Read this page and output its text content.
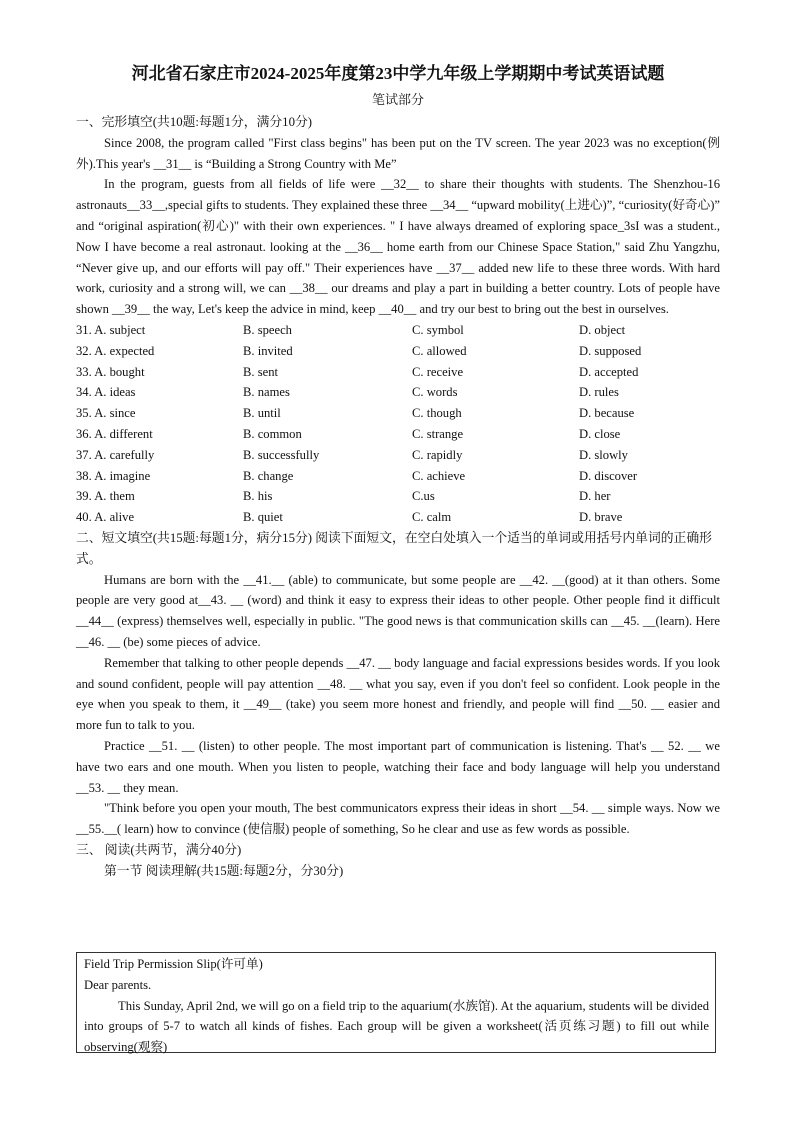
河北省石家庄市2024-2025年度第23中学九年级上学期期中考试英语试题
笔试部分
一、完形填空(共10题:每题1分，满分10分)

Since 2008, the program called "First class begins" has been put on the TV screen. The year 2023 was no exception(例外).This year's __31__ is “Building a Strong Country with Me”

In the program, guests from all fields of life were __32__ to share their thoughts with students. The Shenzhou-16 astronauts__33__,special gifts to students. They explained these three __34__ “upward mobility(上进心)”, “curiosity(好奇心)” and “original aspiration(初心)" with their own experiences. " I have always dreamed of exploring space_3sI was a student., Now I have become a real astronaut. looking at the __36__ home earth from our Chinese Space Station," said Zhu Yangzhu, “Never give up, and our efforts will pay off." Their experiences have __37__ added new life to these three words. With hard work, curiosity and a strong will, we can __38__ our dreams and play a part in building a better country. Lots of people have shown __39__ the way, Let's keep the advice in mind, keep __40__ and try our best to bring out the best in ourselves.

31. A. subject	B. speech	C. symbol	D. object
32. A. expected	B. invited	C. allowed	D. supposed
33. A. bought	B. sent	C. receive	D. accepted
34. A. ideas	B. names	C. words	D. rules
35. A. since	B. until	C. though	D. because
36. A. different	B. common	C. strange	D. close
37. A. carefully	B. successfully	C. rapidly	D. slowly
38. A. imagine	B. change	C. achieve	D. discover
39. A. them	B. his	C.us	D. her
40. A. alive	B. quiet	C. calm	D. brave
二、短文填空(共15题:每题1分，病分15分) 阅读下面短文，在空白处填入一个适当的单词或用括号内单词的正确形式。

Humans are born with the __41.__ (able) to communicate, but some people are __42. __(good) at it than others. Some people are very good at__43. __ (word) and think it easy to express their ideas to other people. Other people find it difficult __44__ (express) themselves well, especially in public. "The good news is that communication skills can __45. __(learn). Here __46. __ (be) some pieces of advice.

Remember that talking to other people depends __47. __ body language and facial expressions besides words. If you look and sound confident, people will pay attention __48. __ what you say, even if you don't feel so confident. Look people in the eye when you speak to them, it __49__ (take) you seem more honest and friendly, and people will find __50. __ easier and more fun to talk to you.

Practice __51. __ (listen) to other people. The most important part of communication is listening. That's __ 52. __ we have two ears and one mouth. When you listen to people, watching their face and body language will help you understand __53. __ they mean.

"Think before you open your mouth, The best communicators express their ideas in short __54. __ simple ways. Now we __55.__( learn) how to convince (使信服) people of something, So he clear and use as few words as possible.

三、 阅读(共两节，满分40分)
第一节 阅读理解(共15题:每题2分，分30分)
Field Trip Permission Slip(许可单)
Dear parents.

This Sunday, April 2nd, we will go on a field trip to the aquarium(水族馆). At the aquarium, students will be divided into groups of 5-7 to watch all kinds of fishes. Each group will be given a worksheet(活页练习题) to fill out while observing(观察)
